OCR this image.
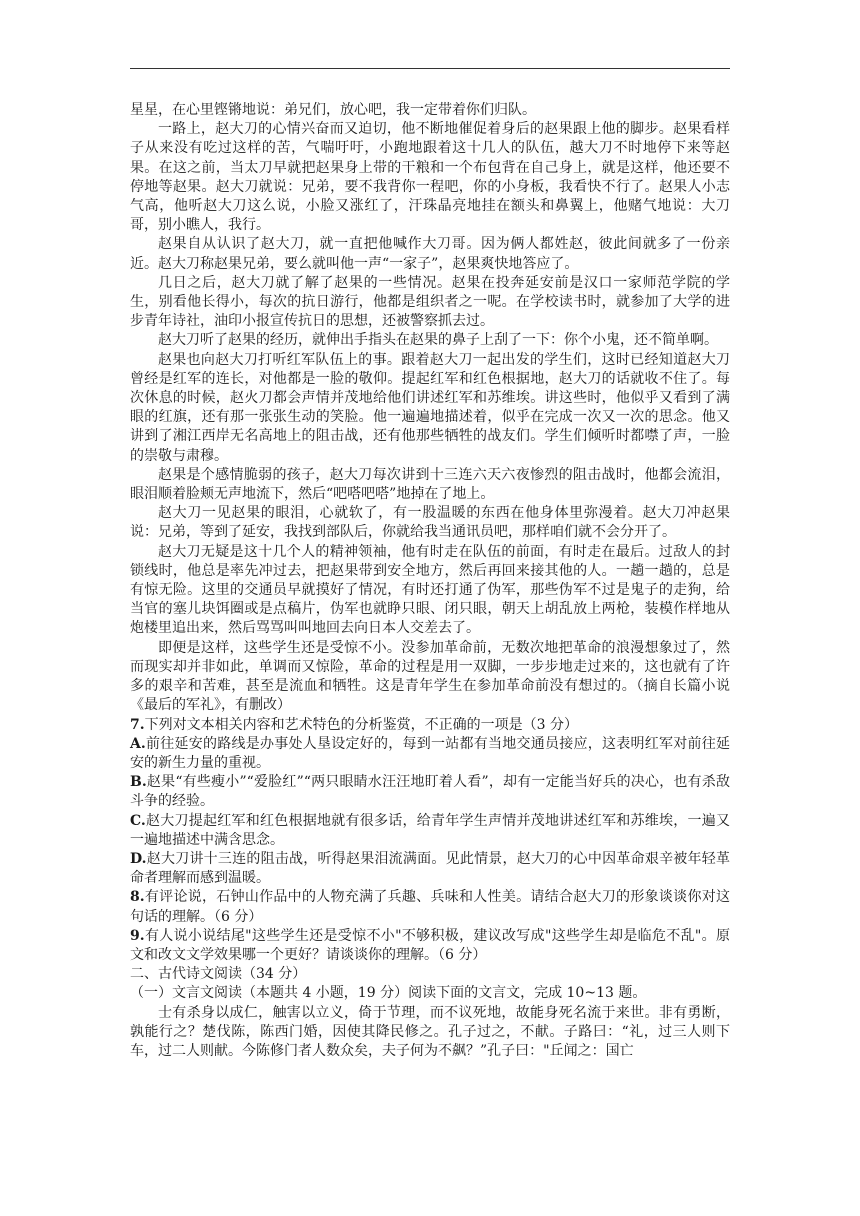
星星，在心里铿锵地说：弟兄们，放心吧，我一定带着你们归队。

一路上，赵大刀的心情兴奋而又迫切，他不断地催促着身后的赵果跟上他的脚步。赵果看样子从来没有吃过这样的苦，气喘吁吁，小跑地跟着这十几人的队伍，越大刀不时地停下来等赵果。在这之前，当太刀早就把赵果身上带的干粮和一个布包背在自己身上，就是这样，他还要不停地等赵果。赵大刀就说：兄弟，要不我背你一程吧，你的小身板，我看快不行了。赵果人小志气高，他听赵大刀这么说，小脸又涨红了，汗珠晶亮地挂在额头和鼻翼上，他赌气地说：大刀哥，别小瞧人，我行。

赵果自从认识了赵大刀，就一直把他喊作大刀哥。因为俩人都姓赵，彼此间就多了一份亲近。赵大刀称赵果兄弟，要么就叫他一声“一家子”，赵果爽快地答应了。

几日之后，赵大刀就了解了赵果的一些情况。赵果在投奔延安前是汉口一家师范学院的学生，别看他长得小，每次的抗日游行，他都是组织者之一呢。在学校读书时，就参加了大学的进步青年诗社，油印小报宣传抗日的思想，还被警察抓去过。

赵大刀听了赵果的经历，就伸出手指头在赵果的鼻子上刮了一下：你个小鬼，还不简单啊。

赵果也向赵大刀打听红军队伍上的事。跟着赵大刀一起出发的学生们，这时已经知道赵大刀曾经是红军的连长，对他都是一脸的敬仰。提起红军和红色根据地，赵大刀的话就收不住了。每次休息的时候，赵火刀都会声情并茂地给他们讲述红军和苏维埃。讲这些时，他似乎又看到了满眼的红旗，还有那一张张生动的笑脸。他一遍遍地描述着，似乎在完成一次又一次的思念。他又讲到了湘江西岸无名高地上的阻击战，还有他那些牺牲的战友们。学生们倾听时都噤了声，一脸的崇敬与肃穆。

赵果是个感情脆弱的孩子，赵大刀每次讲到十三连六天六夜惨烈的阻击战时，他都会流泪，眼泪顺着脸颊无声地流下，然后“吧嗒吧嗒”地掉在了地上。

赵大刀一见赵果的眼泪，心就软了，有一股温暖的东西在他身体里弥漫着。赵大刀冲赵果说：兄弟，等到了延安，我找到部队后，你就给我当通讯员吧，那样咱们就不会分开了。

赵大刀无疑是这十几个人的精神领袖，他有时走在队伍的前面，有时走在最后。过敌人的封锁线时，他总是率先冲过去，把赵果带到安全地方，然后再回来接其他的人。一趟一趟的，总是有惊无险。这里的交通员早就摸好了情况，有时还打通了伪军，那些伪军不过是鬼子的走狗，给当官的塞儿块饵圈或是点稿片，伪军也就睁只眼、闭只眼，朝天上胡乱放上两枪，装模作样地从炮楼里追出来，然后骂骂叫叫地回去向日本人交差去了。

即便是这样，这些学生还是受惊不小。没参加革命前，无数次地把革命的浪漫想象过了，然而现实却并非如此，单调而又惊险，革命的过程是用一双脚，一步步地走过来的，这也就有了许多的艰辛和苦难，甚至是流血和牺牲。这是青年学生在参加革命前没有想过的。（摘自长篇小说《最后的军礼》，有删改）

7.下列对文本相关内容和艺术特色的分析鉴赏，不正确的一项是（3 分）

A.前往延安的路线是办事处人垦设定好的，每到一站都有当地交通员接应，这表明红军对前往延安的新生力量的重视。

B.赵果“有些瘦小”“爱脸红”“两只眼睛水汪汪地盯着人看”，却有一定能当好兵的决心，也有杀敌斗争的经验。

C.赵大刀提起红军和红色根据地就有很多话，给青年学生声情并茂地讲述红军和苏维埃，一遍又一遍地描述中满含思念。

D.赵大刀讲十三连的阻击战，听得赵果泪流满面。见此情景，赵大刀的心中因革命艰辛被年轻革命者理解而感到温暖。

8.有评论说，石钟山作品中的人物充满了兵趣、兵味和人性美。请结合赵大刀的形象谈谈你对这句话的理解。（6 分）

9.有人说小说结尾"这些学生还是受惊不小"不够积极，建议改写成"这些学生却是临危不乱"。原文和改文文学效果哪一个更好？请谈谈你的理解。（6 分）

二、古代诗文阅读（34 分）

（一）文言文阅读（本题共 4 小题，19 分）阅读下面的文言文，完成 10~13 题。

士有杀身以成仁，触害以立义，倚于节理，而不议死地，故能身死名流于来世。非有勇断，孰能行之？楚伐陈，陈西门婚，因使其降民修之。孔子过之，不献。子路曰：“礼，过三人则下车，过二人则献。今陈修门者人数众矣，夫子何为不飙？”孔子曰："丘闻之：国亡
